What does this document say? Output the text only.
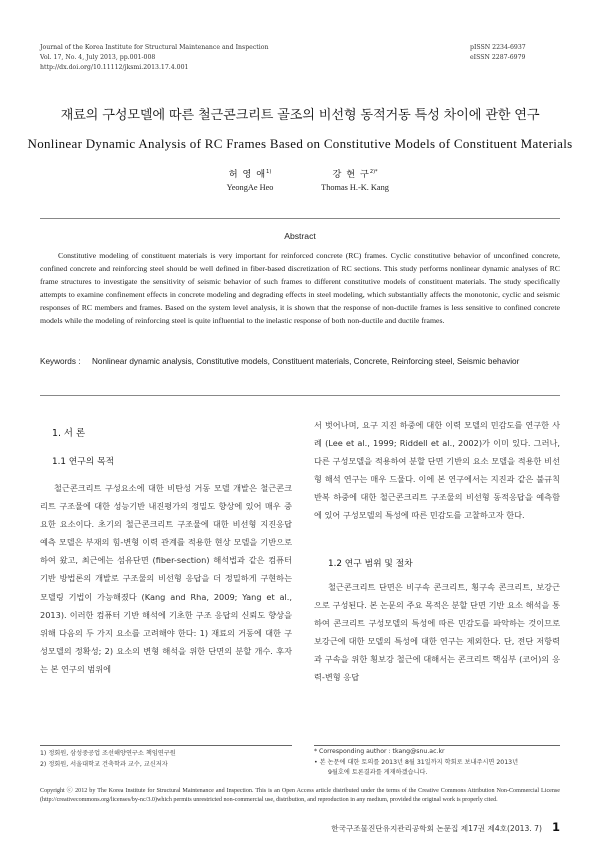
Journal of the Korea Institute for Structural Maintenance and Inspection
Vol. 17, No. 4, July 2013, pp.001-008
http://dx.doi.org/10.11112/jksmi.2013.17.4.001
pISSN 2234-6937
eISSN 2287-6979
재료의 구성모델에 따른 철근콘크리트 골조의 비선형 동적거동 특성 차이에 관한 연구
Nonlinear Dynamic Analysis of RC Frames Based on Constitutive Models of Constituent Materials
허 영 애$^{1)}$
YeongAe Heo
강 현 구$^{2)*}$
Thomas H.-K. Kang
Abstract
Constitutive modeling of constituent materials is very important for reinforced concrete (RC) frames. Cyclic constitutive behavior of unconfined concrete, confined concrete and reinforcing steel should be well defined in fiber-based discretization of RC sections. This study performs nonlinear dynamic analyses of RC frame structures to investigate the sensitivity of seismic behavior of such frames to different constitutive models of constituent materials. The study specifically attempts to examine confinement effects in concrete modeling and degrading effects in steel modeling, which substantially affects the monotonic, cyclic and seismic responses of RC members and frames. Based on the system level analysis, it is shown that the response of non-ductile frames is less sensitive to confined concrete models while the modeling of reinforcing steel is quite influential to the inelastic response of both non-ductile and ductile frames.
Keywords : Nonlinear dynamic analysis, Constitutive models, Constituent materials, Concrete, Reinforcing steel, Seismic behavior
1. 서 론
1.1 연구의 목적

철근콘크리트 구성요소에 대한 비탄성 거동 모델 개발은 철근콘크리트 구조물에 대한 성능기반 내진평가의 정밀도 향상에 있어 매우 중요한 요소이다. 초기의 철근콘크리트 구조물에 대한 비선형 지진응답 예측 모델은 부재의 힘-변형 이력 관계를 적용한 현상 모델을 기반으로 하여 왔고, 최근에는 섬유단면 (fiber-section) 해석법과 같은 컴퓨터 기반 방법론의 개발로 구조물의 비선형 응답을 더 정밀하게 구현하는 모델링 기법이 가능해졌다 (Kang and Rha, 2009; Yang et al., 2013). 이러한 컴퓨터 기반 해석에 기초한 구조 응답의 신뢰도 향상을 위해 다음의 두 가지 요소를 고려해야 한다: 1) 재료의 거동에 대한 구성모델의 정확성; 2) 요소의 변형 해석을 위한 단면의 분할 개수. 후자는 본 연구의 범위에

서 벗어나며, 요구 지진 하중에 대한 이력 모델의 민감도를 연구한 사례 (Lee et al., 1999; Riddell et al., 2002)가 이미 있다. 그러나, 다른 구성모델을 적용하여 분할 단면 기반의 요소 모델을 적용한 비선형 해석 연구는 매우 드물다. 이에 본 연구에서는 지진과 같은 불규칙 반복 하중에 대한 철근콘크리트 구조물의 비선형 동적응답을 예측함에 있어 구성모델의 특성에 따른 민감도를 고찰하고자 한다.

1.2 연구 범위 및 절차

철근콘크리트 단면은 비구속 콘크리트, 횡구속 콘크리트, 보강근으로 구성된다. 본 논문의 주요 목적은 분할 단면 기반 요소 해석을 통하여 콘크리트 구성모델의 특성에 따른 민감도를 파악하는 것이므로 보강근에 대한 모델의 특성에 대한 연구는 제외한다. 단, 전단 저항력과 구속을 위한 횡보강 철근에 대해서는 콘크리트 핵심부 (코어)의 응력-변형 응답

1) 정회원, 삼성중공업 조선해양연구소 책임연구원
2) 정회원, 서울대학교 건축학과 교수, 교신저자
* Corresponding author : tkang@snu.ac.kr
• 본 논문에 대한 토의를 2013년 8월 31일까지 학회로 보내주시면 2013년
9월호에 토론결과를 게재하겠습니다.
Copyright ⓒ 2012 by The Korea Institute for Structural Maintenance and Inspection. This is an Open Access article distributed under the terms of the Creative Commons Attribution Non-Commercial License (http://creativecommons.org/licenses/by-nc/3.0)which permits unrestricted non-commercial use, distribution, and reproduction in any medium, provided the original work is properly cited.
한국구조물진단유지관리공학회 논문집 제17권 제4호(2013. 7) 1
